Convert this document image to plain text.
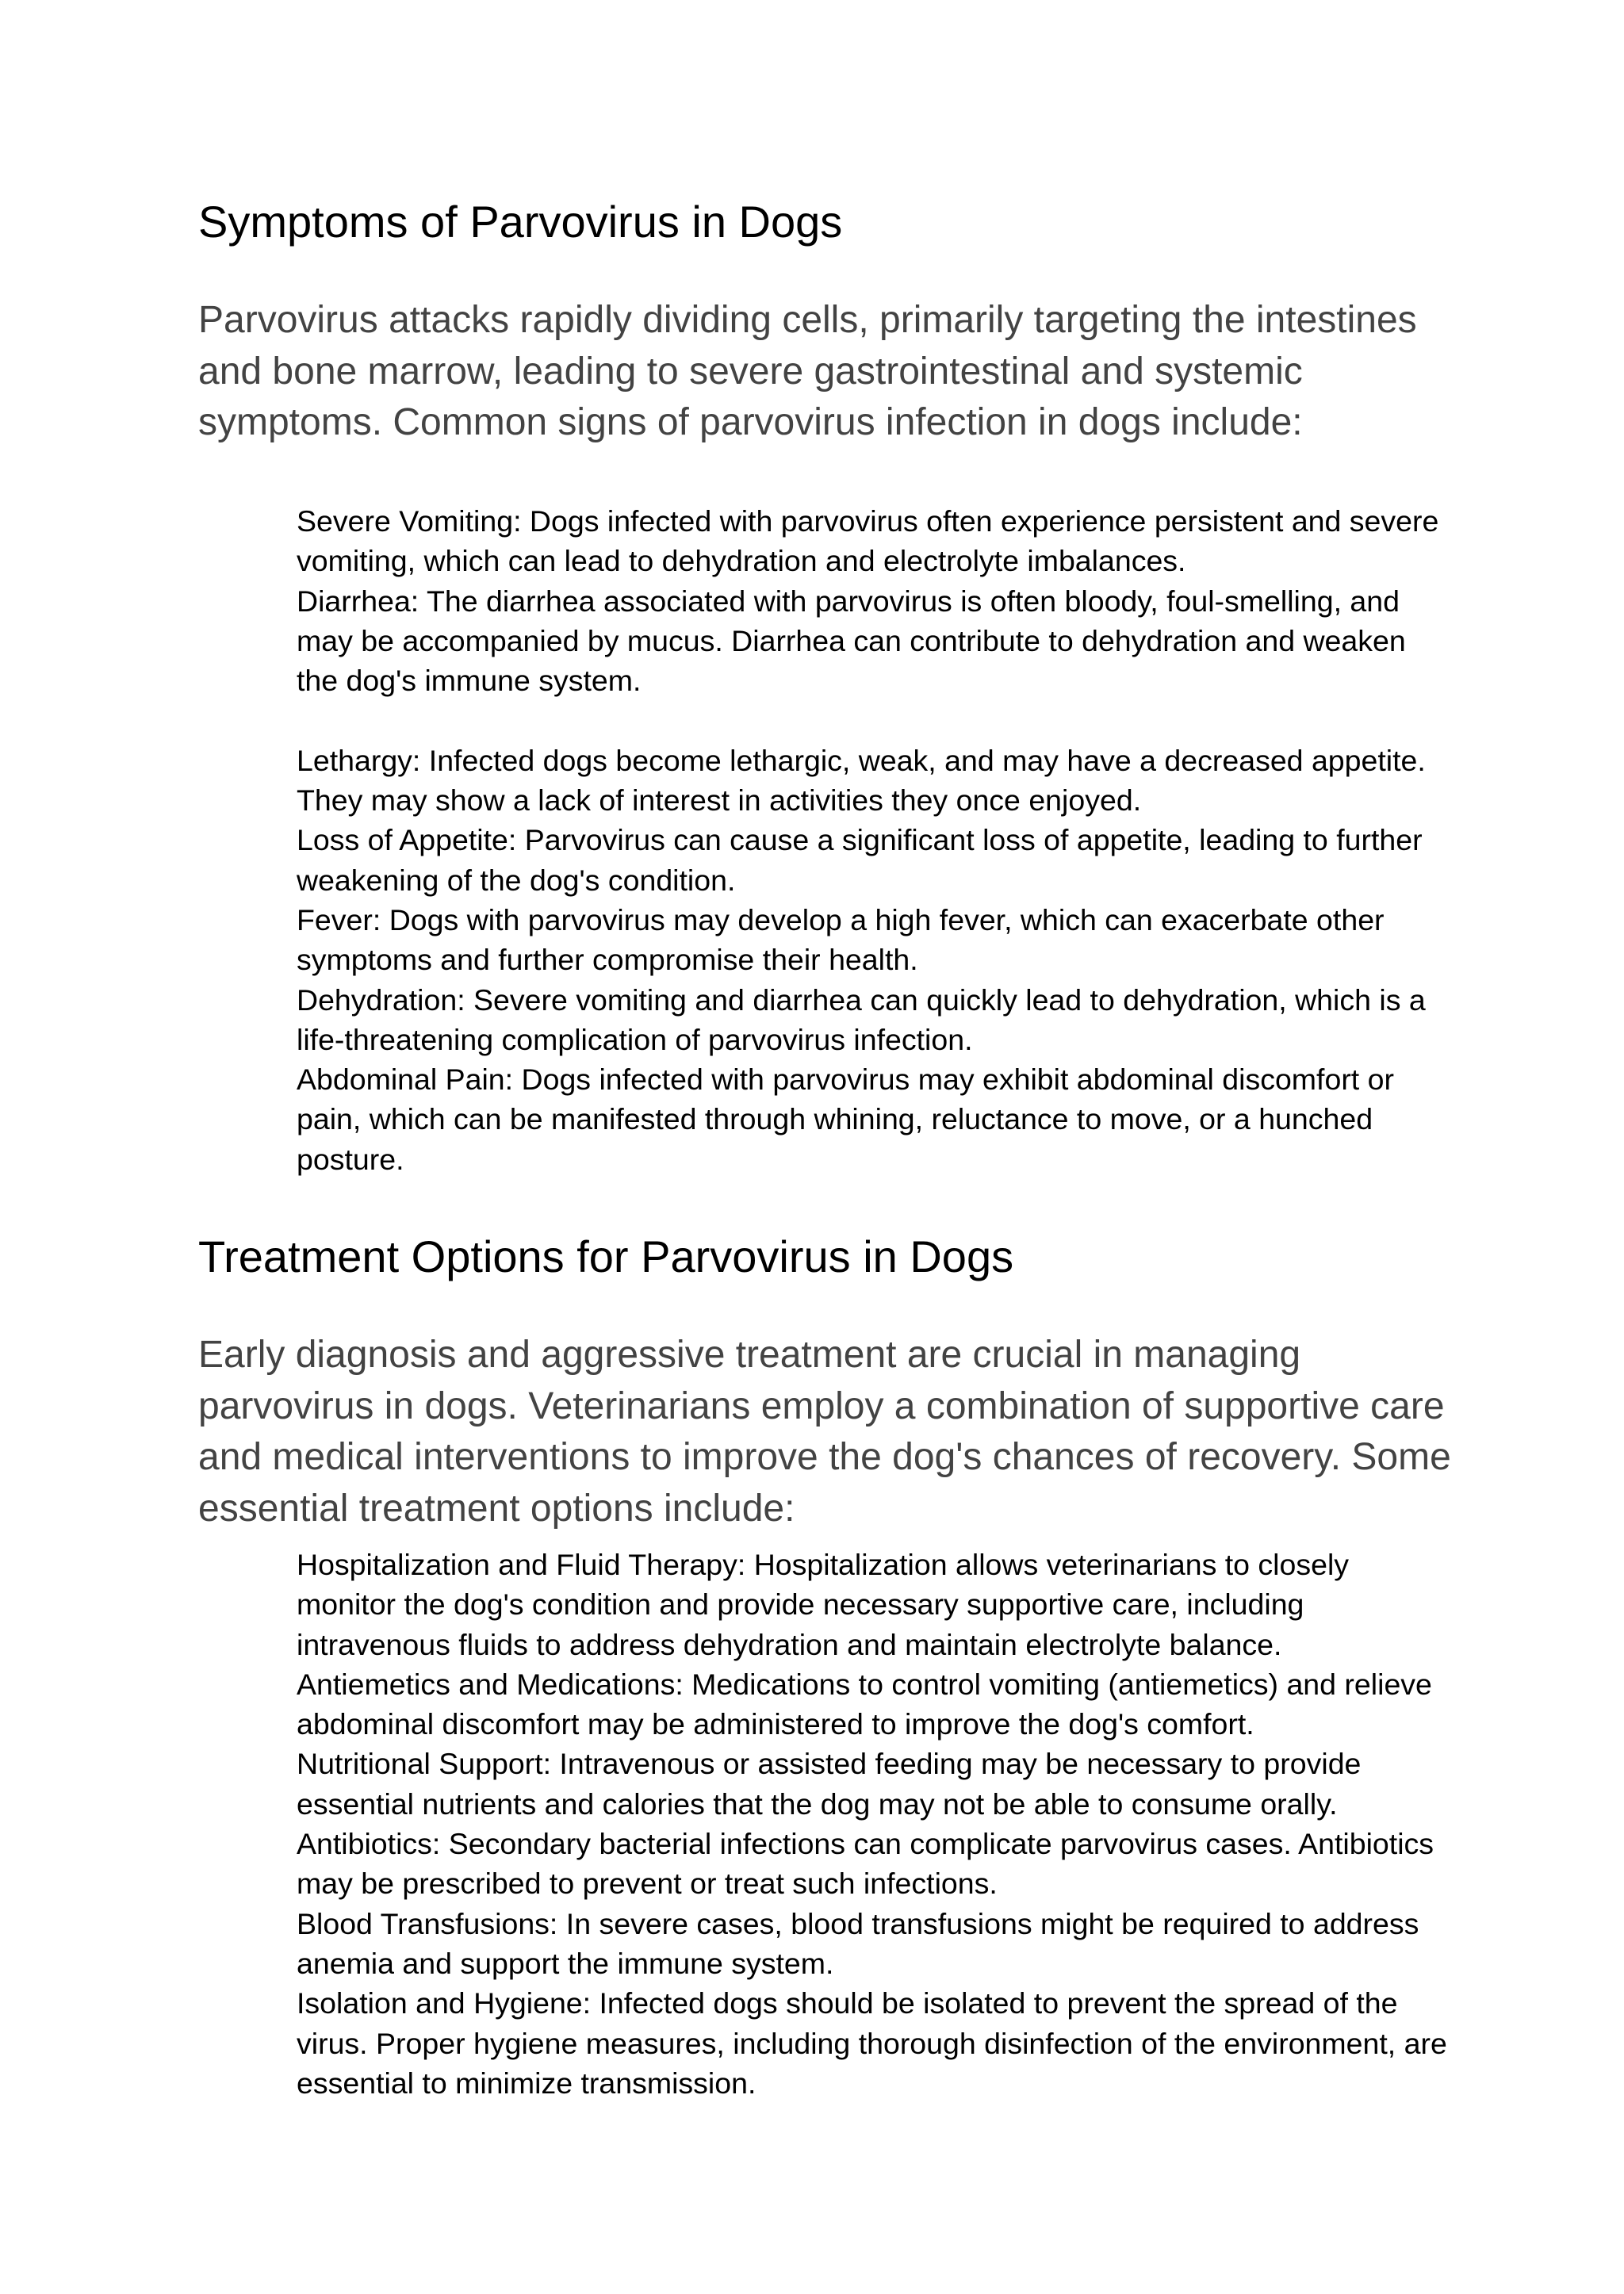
Symptoms of Parvovirus in Dogs

Parvovirus attacks rapidly dividing cells, primarily targeting the intestines and bone marrow, leading to severe gastrointestinal and systemic symptoms. Common signs of parvovirus infection in dogs include:

Severe Vomiting: Dogs infected with parvovirus often experience persistent and severe vomiting, which can lead to dehydration and electrolyte imbalances.
Diarrhea: The diarrhea associated with parvovirus is often bloody, foul-smelling, and may be accompanied by mucus. Diarrhea can contribute to dehydration and weaken the dog's immune system.
Lethargy: Infected dogs become lethargic, weak, and may have a decreased appetite. They may show a lack of interest in activities they once enjoyed.
Loss of Appetite: Parvovirus can cause a significant loss of appetite, leading to further weakening of the dog's condition.
Fever: Dogs with parvovirus may develop a high fever, which can exacerbate other symptoms and further compromise their health.
Dehydration: Severe vomiting and diarrhea can quickly lead to dehydration, which is a life-threatening complication of parvovirus infection.
Abdominal Pain: Dogs infected with parvovirus may exhibit abdominal discomfort or pain, which can be manifested through whining, reluctance to move, or a hunched posture.
Treatment Options for Parvovirus in Dogs

Early diagnosis and aggressive treatment are crucial in managing parvovirus in dogs. Veterinarians employ a combination of supportive care and medical interventions to improve the dog's chances of recovery. Some essential treatment options include:

Hospitalization and Fluid Therapy: Hospitalization allows veterinarians to closely monitor the dog's condition and provide necessary supportive care, including intravenous fluids to address dehydration and maintain electrolyte balance.
Antiemetics and Medications: Medications to control vomiting (antiemetics) and relieve abdominal discomfort may be administered to improve the dog's comfort.
Nutritional Support: Intravenous or assisted feeding may be necessary to provide essential nutrients and calories that the dog may not be able to consume orally.
Antibiotics: Secondary bacterial infections can complicate parvovirus cases. Antibiotics may be prescribed to prevent or treat such infections.
Blood Transfusions: In severe cases, blood transfusions might be required to address anemia and support the immune system.
Isolation and Hygiene: Infected dogs should be isolated to prevent the spread of the virus. Proper hygiene measures, including thorough disinfection of the environment, are essential to minimize transmission.
